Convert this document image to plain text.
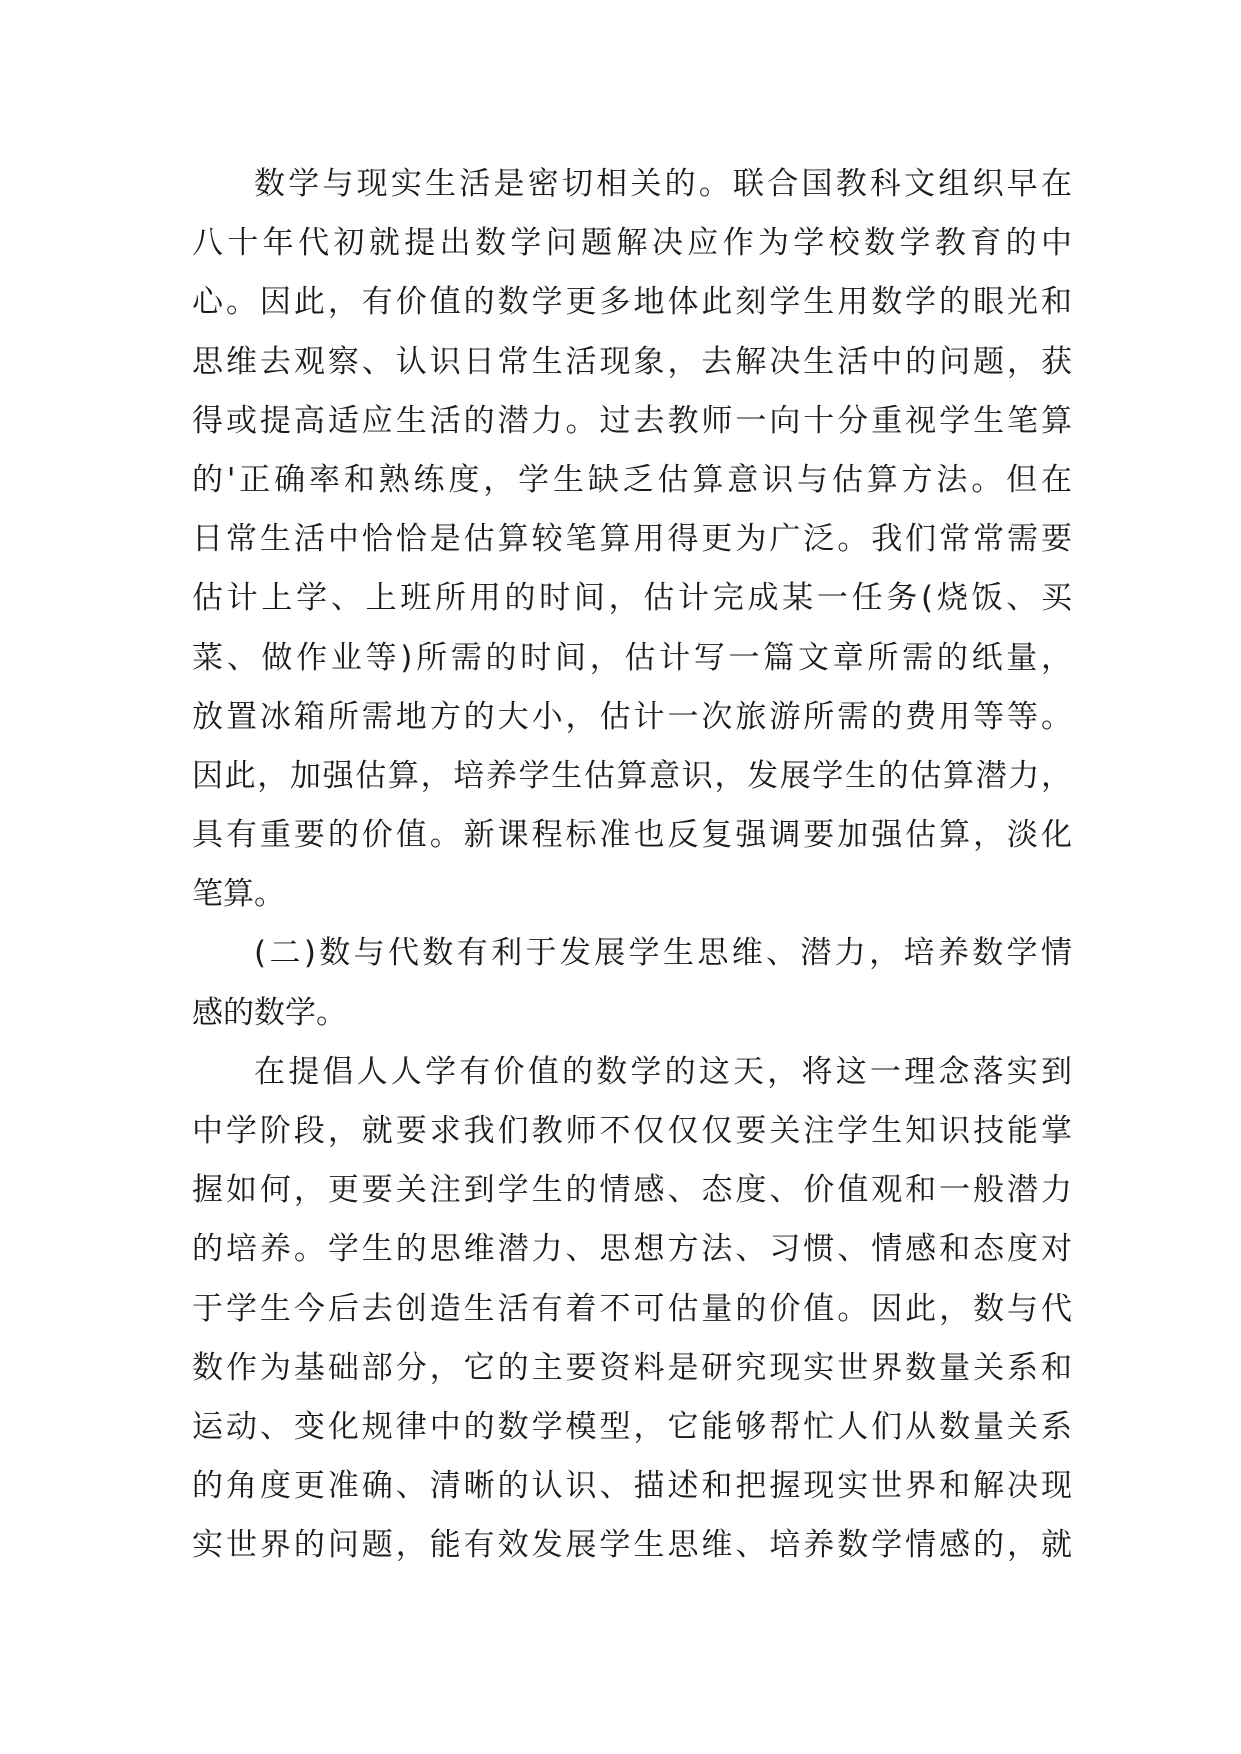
数学与现实生活是密切相关的。联合国教科文组织早在
八十年代初就提出数学问题解决应作为学校数学教育的中
心。因此，有价值的数学更多地体此刻学生用数学的眼光和
思维去观察、认识日常生活现象，去解决生活中的问题，获
得或提高适应生活的潜力。过去教师一向十分重视学生笔算
的'正确率和熟练度，学生缺乏估算意识与估算方法。但在
日常生活中恰恰是估算较笔算用得更为广泛。我们常常需要
估计上学、上班所用的时间，估计完成某一任务(烧饭、买
菜、做作业等)所需的时间，估计写一篇文章所需的纸量，
放置冰箱所需地方的大小，估计一次旅游所需的费用等等。
因此，加强估算，培养学生估算意识，发展学生的估算潜力，
具有重要的价值。新课程标准也反复强调要加强估算，淡化
笔算。
(二)数与代数有利于发展学生思维、潜力，培养数学情
感的数学。
在提倡人人学有价值的数学的这天，将这一理念落实到
中学阶段，就要求我们教师不仅仅仅要关注学生知识技能掌
握如何，更要关注到学生的情感、态度、价值观和一般潜力
的培养。学生的思维潜力、思想方法、习惯、情感和态度对
于学生今后去创造生活有着不可估量的价值。因此，数与代
数作为基础部分，它的主要资料是研究现实世界数量关系和
运动、变化规律中的数学模型，它能够帮忙人们从数量关系
的角度更准确、清晰的认识、描述和把握现实世界和解决现
实世界的问题，能有效发展学生思维、培养数学情感的，就
